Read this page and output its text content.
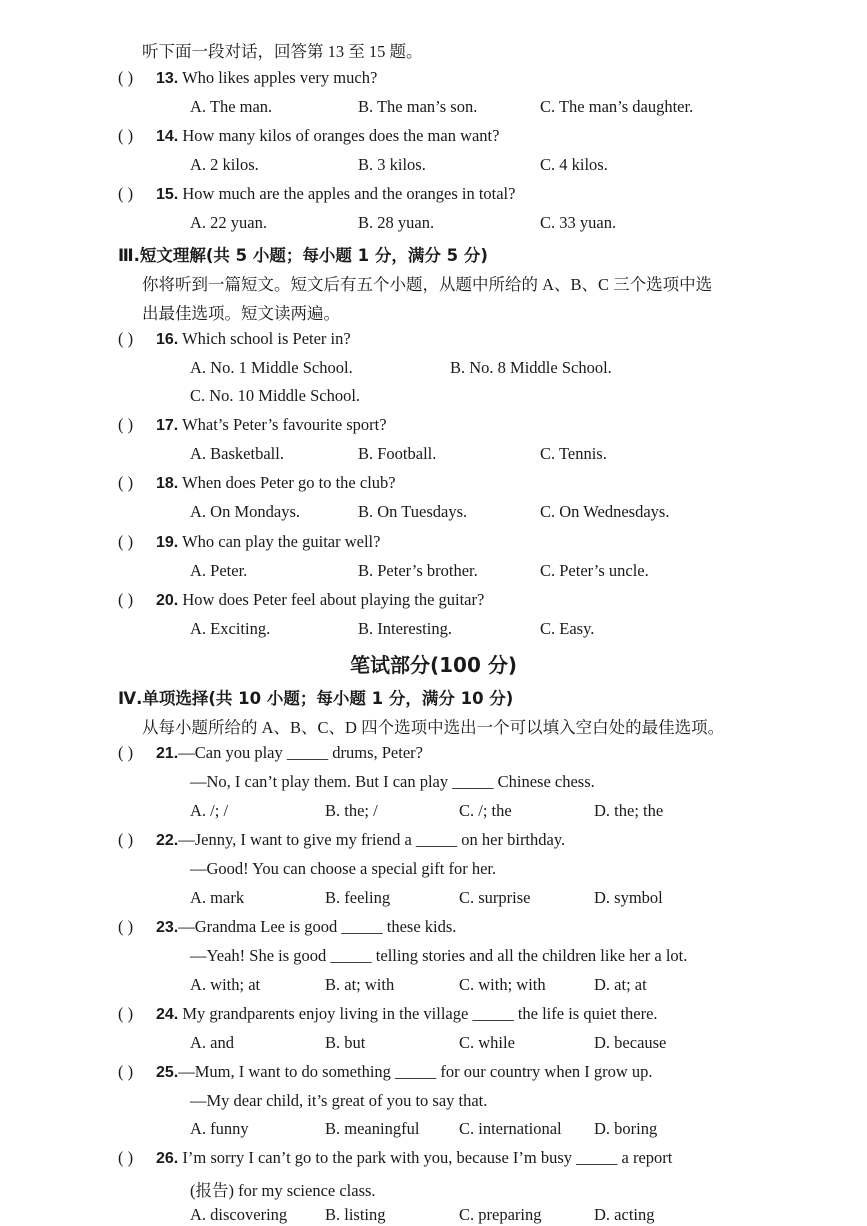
听下面一段对话，回答第 13 至 15 题。
( ) 13. Who likes apples very much?
A. The man.	B. The man’s son.	C. The man’s daughter.
( ) 14. How many kilos of oranges does the man want?
A. 2 kilos.	B. 3 kilos.	C. 4 kilos.
( ) 15. How much are the apples and the oranges in total?
A. 22 yuan.	B. 28 yuan.	C. 33 yuan.
Ⅲ.短文理解(共 5 小题；每小题 1 分，满分 5 分)
你将听到一篇短文。短文后有五个小题，从题中所给的 A、B、C 三个选项中选
出最佳选项。短文读两遍。
( ) 16. Which school is Peter in?
A. No. 1 Middle School.	B. No. 8 Middle School.
C. No. 10 Middle School.
( ) 17. What’s Peter’s favourite sport?
A. Basketball.	B. Football.	C. Tennis.
( ) 18. When does Peter go to the club?
A. On Mondays.	B. On Tuesdays.	C. On Wednesdays.
( ) 19. Who can play the guitar well?
A. Peter.	B. Peter’s brother.	C. Peter’s uncle.
( ) 20. How does Peter feel about playing the guitar?
A. Exciting.	B. Interesting.	C. Easy.
笔试部分(100 分)
Ⅳ.单项选择(共 10 小题；每小题 1 分，满分 10 分)
从每小题所给的 A、B、C、D 四个选项中选出一个可以填入空白处的最佳选项。
( ) 21.—Can you play _____ drums, Peter?
—No, I can’t play them. But I can play _____ Chinese chess.
A. /; /	B. the; /	C. /; the	D. the; the
( ) 22.—Jenny, I want to give my friend a _____ on her birthday.
—Good! You can choose a special gift for her.
A. mark	B. feeling	C. surprise	D. symbol
( ) 23.—Grandma Lee is good _____ these kids.
—Yeah! She is good _____ telling stories and all the children like her a lot.
A. with; at	B. at; with	C. with; with	D. at; at
( ) 24. My grandparents enjoy living in the village _____ the life is quiet there.
A. and	B. but	C. while	D. because
( ) 25.—Mum, I want to do something _____ for our country when I grow up.
—My dear child, it’s great of you to say that.
A. funny	B. meaningful C. international D. boring
( ) 26. I’m sorry I can’t go to the park with you, because I’m busy _____ a report
(报告) for my science class.
A. discovering B. listing	C. preparing	D. acting
